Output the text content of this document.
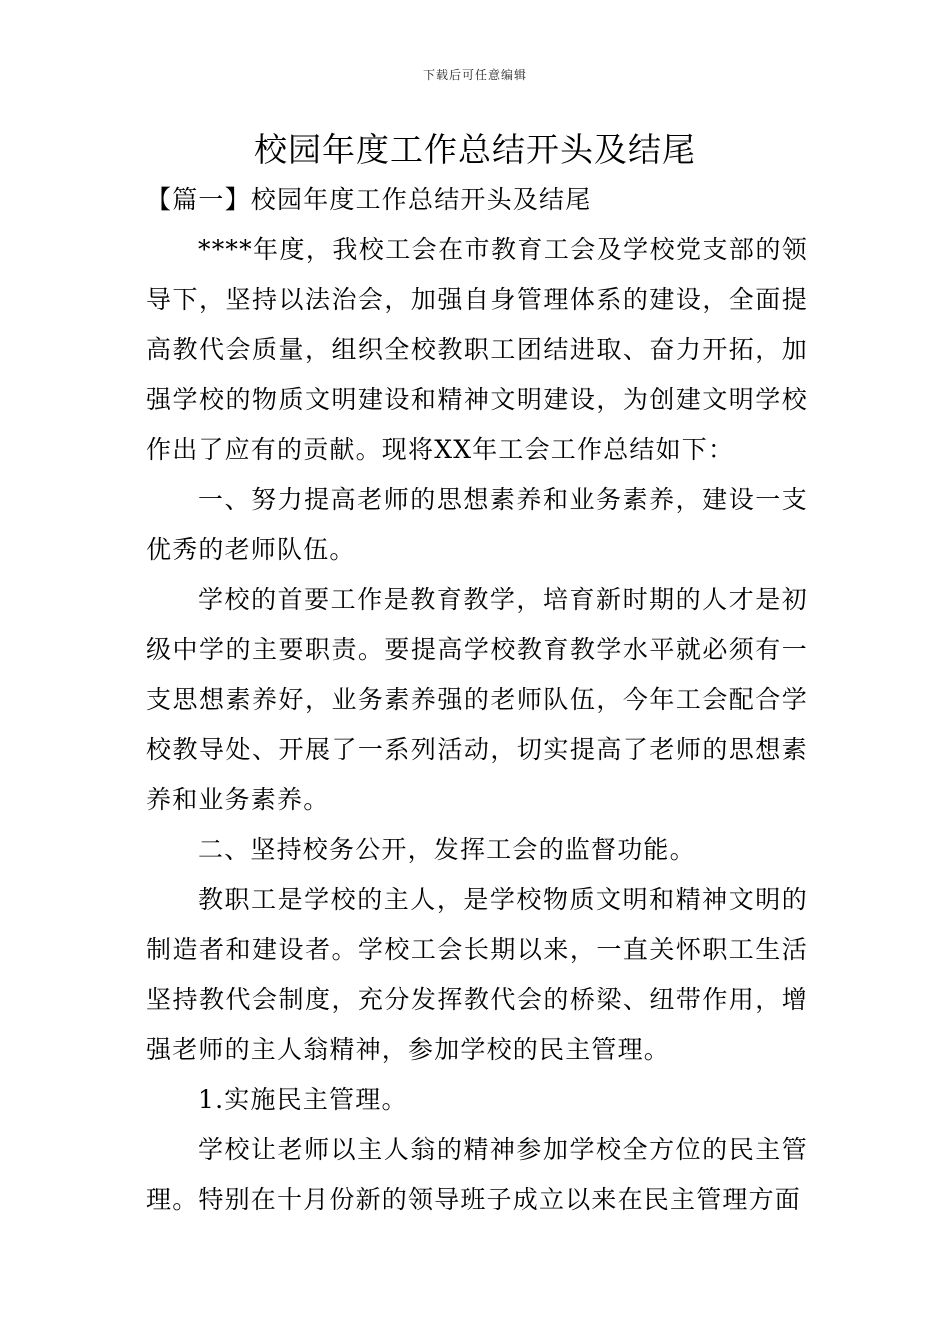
下载后可任意编辑
校园年度工作总结开头及结尾
【篇一】校园年度工作总结开头及结尾

****年度，我校工会在市教育工会及学校党支部的领导下，坚持以法治会，加强自身管理体系的建设，全面提高教代会质量，组织全校教职工团结进取、奋力开拓，加强学校的物质文明建设和精神文明建设，为创建文明学校作出了应有的贡献。现将XX年工会工作总结如下：

一、努力提高老师的思想素养和业务素养，建设一支优秀的老师队伍。

学校的首要工作是教育教学，培育新时期的人才是初级中学的主要职责。要提高学校教育教学水平就必须有一支思想素养好，业务素养强的老师队伍，今年工会配合学校教导处、开展了一系列活动，切实提高了老师的思想素养和业务素养。

二、坚持校务公开，发挥工会的监督功能。

教职工是学校的主人，是学校物质文明和精神文明的制造者和建设者。学校工会长期以来，一直关怀职工生活坚持教代会制度，充分发挥教代会的桥梁、纽带作用，增强老师的主人翁精神，参加学校的民主管理。

1.实施民主管理。

学校让老师以主人翁的精神参加学校全方位的民主管理。特别在十月份新的领导班子成立以来在民主管理方面
